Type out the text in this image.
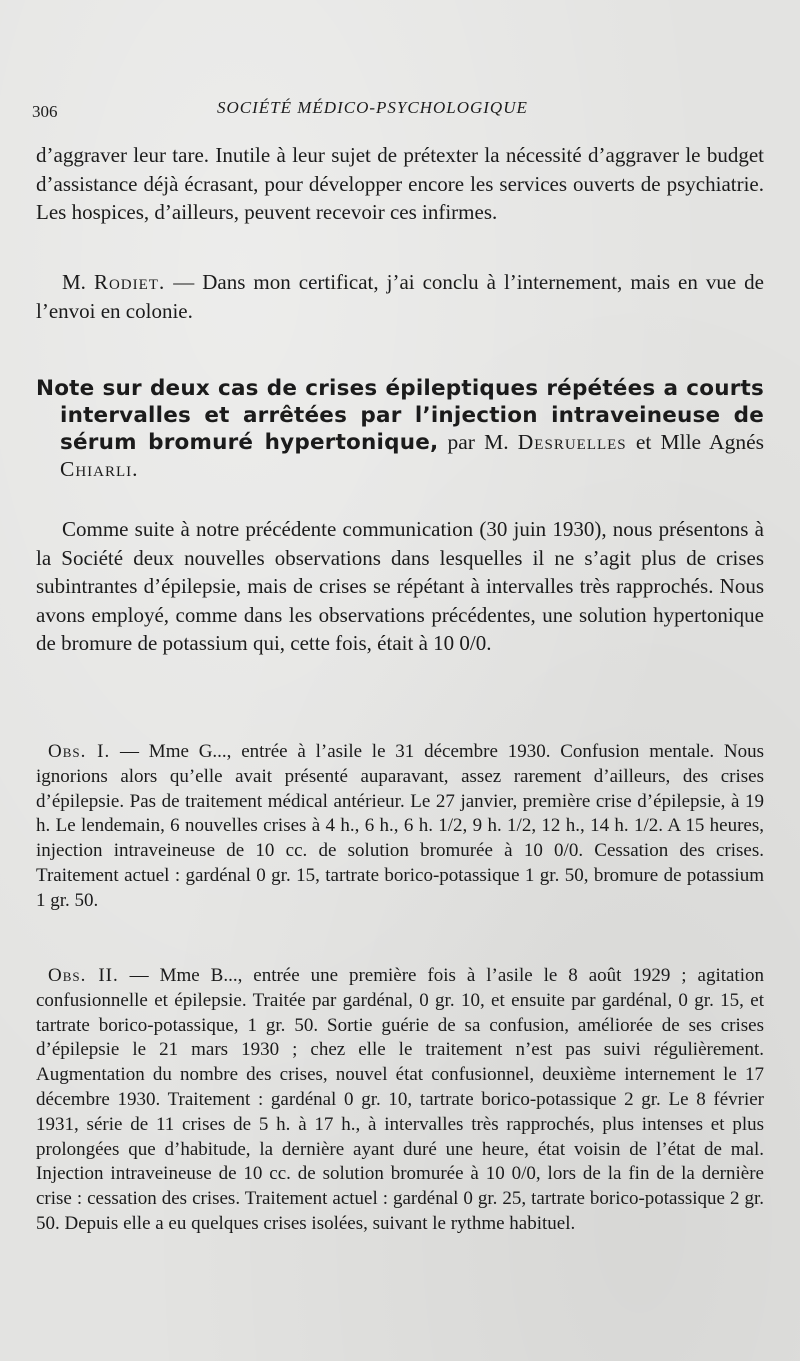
306	SOCIÉTÉ MÉDICO-PSYCHOLOGIQUE

d’aggraver leur tare. Inutile à leur sujet de prétexter la nécessité d’aggraver le budget d’assistance déjà écrasant, pour développer encore les services ouverts de psychiatrie. Les hospices, d’ailleurs, peuvent recevoir ces infirmes.

M. Rodiet. — Dans mon certificat, j’ai conclu à l’internement, mais en vue de l’envoi en colonie.

Note sur deux cas de crises épileptiques répétées a courts intervalles et arrêtées par l’injection intraveineuse de sérum bromuré hypertonique, par M. Desruelles et Mlle Agnés Chiarli.

Comme suite à notre précédente communication (30 juin 1930), nous présentons à la Société deux nouvelles observations dans lesquelles il ne s’agit plus de crises subintrantes d’épilepsie, mais de crises se répétant à intervalles très rapprochés. Nous avons employé, comme dans les observations précédentes, une solution hypertonique de bromure de potassium qui, cette fois, était à 10 0/0.

Obs. I. — Mme G..., entrée à l’asile le 31 décembre 1930. Confusion mentale. Nous ignorions alors qu’elle avait présenté auparavant, assez rarement d’ailleurs, des crises d’épilepsie. Pas de traitement médical antérieur. Le 27 janvier, première crise d’épilepsie, à 19 h. Le lendemain, 6 nouvelles crises à 4 h., 6 h., 6 h. 1/2, 9 h. 1/2, 12 h., 14 h. 1/2. A 15 heures, injection intraveineuse de 10 cc. de solution bromurée à 10 0/0. Cessation des crises. Traitement actuel : gardénal 0 gr. 15, tartrate borico-potassique 1 gr. 50, bromure de potassium 1 gr. 50.

Obs. II. — Mme B..., entrée une première fois à l’asile le 8 août 1929 ; agitation confusionnelle et épilepsie. Traitée par gardénal, 0 gr. 10, et ensuite par gardénal, 0 gr. 15, et tartrate borico-potassique, 1 gr. 50. Sortie guérie de sa confusion, améliorée de ses crises d’épilepsie le 21 mars 1930 ; chez elle le traitement n’est pas suivi régulièrement. Augmentation du nombre des crises, nouvel état confusionnel, deuxième internement le 17 décembre 1930. Traitement : gardénal 0 gr. 10, tartrate borico-potassique 2 gr. Le 8 février 1931, série de 11 crises de 5 h. à 17 h., à intervalles très rapprochés, plus intenses et plus prolongées que d’habitude, la dernière ayant duré une heure, état voisin de l’état de mal. Injection intraveineuse de 10 cc. de solution bromurée à 10 0/0, lors de la fin de la dernière crise : cessation des crises. Traitement actuel : gardénal 0 gr. 25, tartrate borico-potassique 2 gr. 50. Depuis elle a eu quelques crises isolées, suivant le rythme habituel.
